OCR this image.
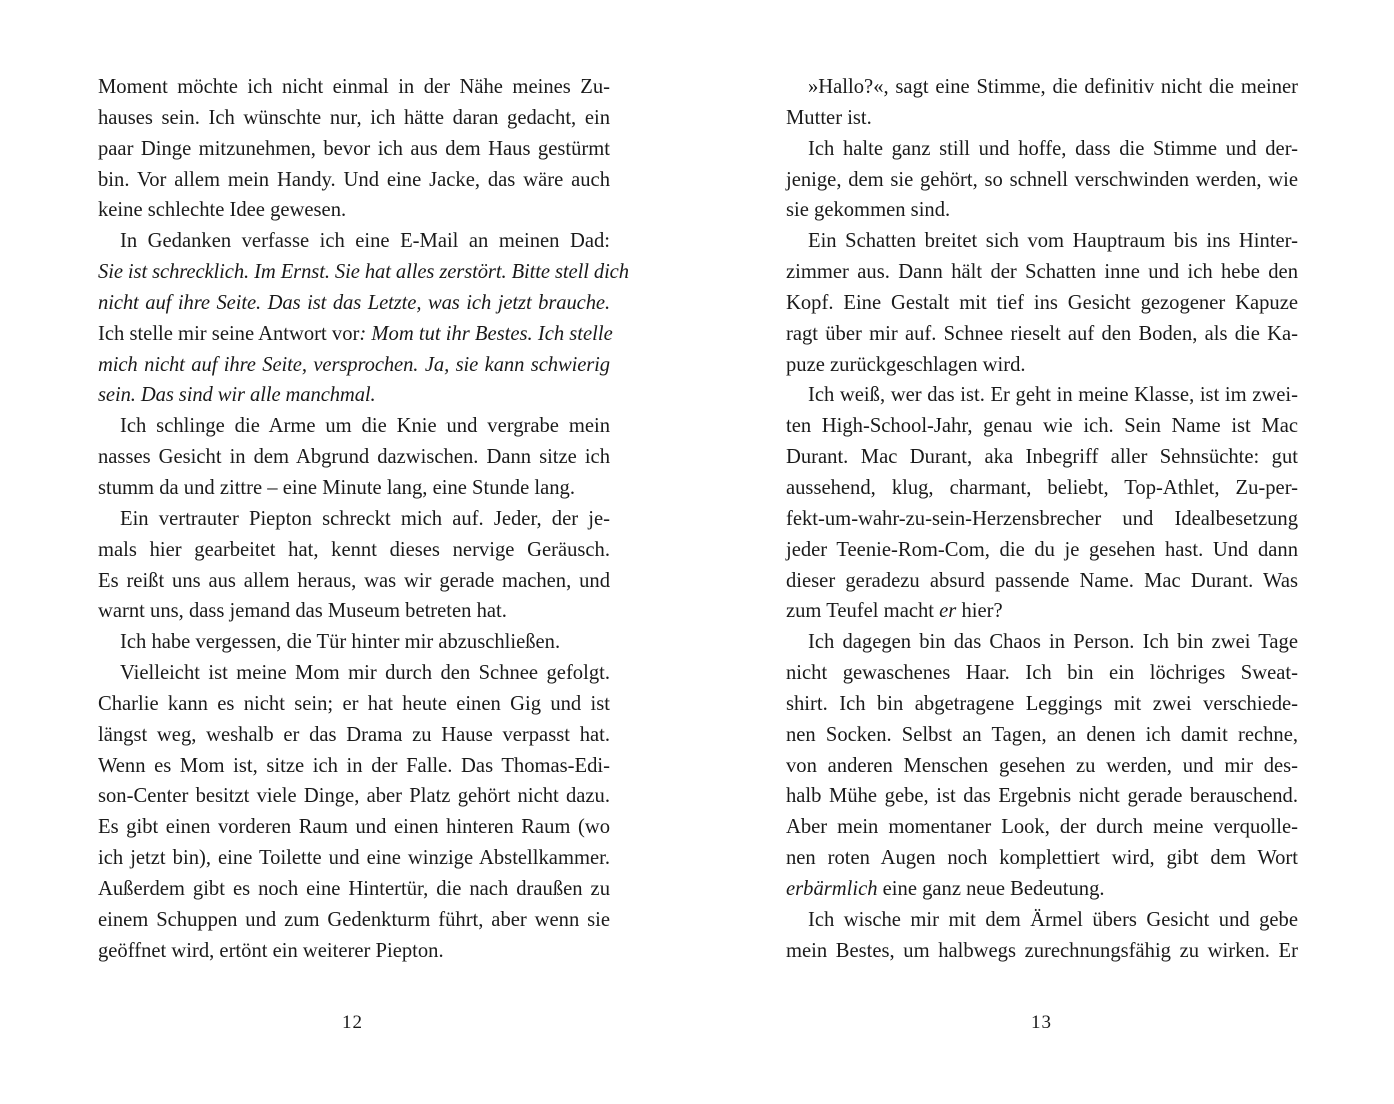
Moment möchte ich nicht einmal in der Nähe meines Zu-
hauses sein. Ich wünschte nur, ich hätte daran gedacht, ein
paar Dinge mitzunehmen, bevor ich aus dem Haus gestürmt
bin. Vor allem mein Handy. Und eine Jacke, das wäre auch
keine schlechte Idee gewesen.
In Gedanken verfasse ich eine E-Mail an meinen Dad:
Sie ist schrecklich. Im Ernst. Sie hat alles zerstört. Bitte stell dich
nicht auf ihre Seite. Das ist das Letzte, was ich jetzt brauche.
Ich stelle mir seine Antwort vor: Mom tut ihr Bestes. Ich stelle
mich nicht auf ihre Seite, versprochen. Ja, sie kann schwierig
sein. Das sind wir alle manchmal.
Ich schlinge die Arme um die Knie und vergrabe mein
nasses Gesicht in dem Abgrund dazwischen. Dann sitze ich
stumm da und zittre – eine Minute lang, eine Stunde lang.
Ein vertrauter Piepton schreckt mich auf. Jeder, der je-
mals hier gearbeitet hat, kennt dieses nervige Geräusch.
Es reißt uns aus allem heraus, was wir gerade machen, und
warnt uns, dass jemand das Museum betreten hat.
Ich habe vergessen, die Tür hinter mir abzuschließen.
Vielleicht ist meine Mom mir durch den Schnee gefolgt.
Charlie kann es nicht sein; er hat heute einen Gig und ist
längst weg, weshalb er das Drama zu Hause verpasst hat.
Wenn es Mom ist, sitze ich in der Falle. Das Thomas-Edi-
son-Center besitzt viele Dinge, aber Platz gehört nicht dazu.
Es gibt einen vorderen Raum und einen hinteren Raum (wo
ich jetzt bin), eine Toilette und eine winzige Abstellkammer.
Außerdem gibt es noch eine Hintertür, die nach draußen zu
einem Schuppen und zum Gedenkturm führt, aber wenn sie
geöffnet wird, ertönt ein weiterer Piepton.
»Hallo?«, sagt eine Stimme, die definitiv nicht die meiner
Mutter ist.
Ich halte ganz still und hoffe, dass die Stimme und der-
jenige, dem sie gehört, so schnell verschwinden werden, wie
sie gekommen sind.
Ein Schatten breitet sich vom Hauptraum bis ins Hinter-
zimmer aus. Dann hält der Schatten inne und ich hebe den
Kopf. Eine Gestalt mit tief ins Gesicht gezogener Kapuze
ragt über mir auf. Schnee rieselt auf den Boden, als die Ka-
puze zurückgeschlagen wird.
Ich weiß, wer das ist. Er geht in meine Klasse, ist im zwei-
ten High-School-Jahr, genau wie ich. Sein Name ist Mac
Durant. Mac Durant, aka Inbegriff aller Sehnsüchte: gut
aussehend, klug, charmant, beliebt, Top-Athlet, Zu-per-
fekt-um-wahr-zu-sein-Herzensbrecher und Idealbesetzung
jeder Teenie-Rom-Com, die du je gesehen hast. Und dann
dieser geradezu absurd passende Name. Mac Durant. Was
zum Teufel macht er hier?
Ich dagegen bin das Chaos in Person. Ich bin zwei Tage
nicht gewaschenes Haar. Ich bin ein löchriges Sweat-
shirt. Ich bin abgetragene Leggings mit zwei verschiede-
nen Socken. Selbst an Tagen, an denen ich damit rechne,
von anderen Menschen gesehen zu werden, und mir des-
halb Mühe gebe, ist das Ergebnis nicht gerade berauschend.
Aber mein momentaner Look, der durch meine verquolle-
nen roten Augen noch komplettiert wird, gibt dem Wort
erbärmlich eine ganz neue Bedeutung.
Ich wische mir mit dem Ärmel übers Gesicht und gebe
mein Bestes, um halbwegs zurechnungsfähig zu wirken. Er
12	13
